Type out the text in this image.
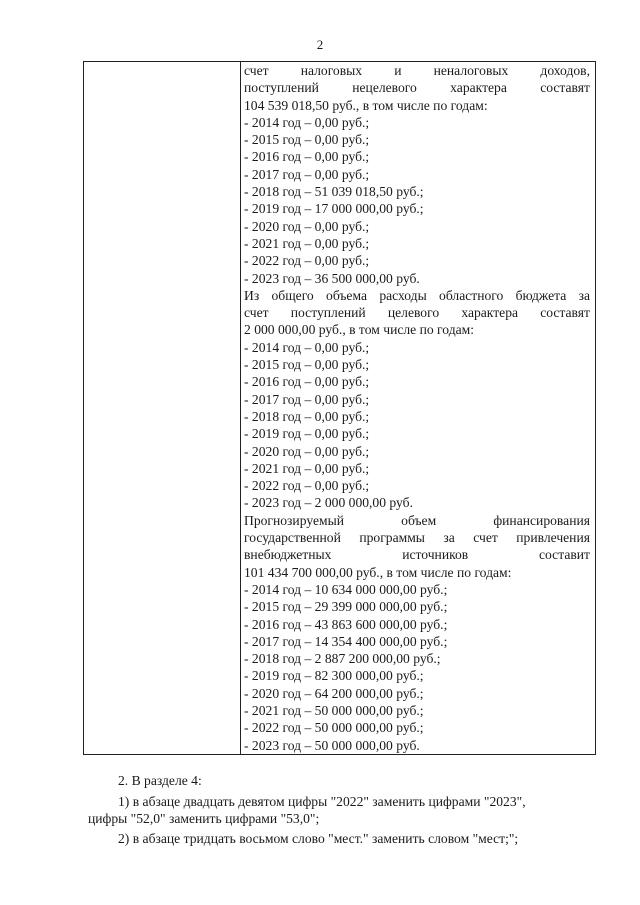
2
счет налоговых и неналоговых доходов,
поступлений нецелевого характера составят
104 539 018,50 руб., в том числе по годам:
- 2014 год – 0,00 руб.;
- 2015 год – 0,00 руб.;
- 2016 год – 0,00 руб.;
- 2017 год – 0,00 руб.;
- 2018 год – 51 039 018,50 руб.;
- 2019 год – 17 000 000,00 руб.;
- 2020 год – 0,00 руб.;
- 2021 год – 0,00 руб.;
- 2022 год – 0,00 руб.;
- 2023 год – 36 500 000,00 руб.
Из общего объема расходы областного бюджета за
счет поступлений целевого характера составят
2 000 000,00 руб., в том числе по годам:
- 2014 год – 0,00 руб.;
- 2015 год – 0,00 руб.;
- 2016 год – 0,00 руб.;
- 2017 год – 0,00 руб.;
- 2018 год – 0,00 руб.;
- 2019 год – 0,00 руб.;
- 2020 год – 0,00 руб.;
- 2021 год – 0,00 руб.;
- 2022 год – 0,00 руб.;
- 2023 год – 2 000 000,00 руб.
Прогнозируемый объем финансирования
государственной программы за счет привлечения
внебюджетных источников составит
101 434 700 000,00 руб., в том числе по годам:
- 2014 год – 10 634 000 000,00 руб.;
- 2015 год – 29 399 000 000,00 руб.;
- 2016 год – 43 863 600 000,00 руб.;
- 2017 год – 14 354 400 000,00 руб.;
- 2018 год – 2 887 200 000,00 руб.;
- 2019 год – 82 300 000,00 руб.;
- 2020 год – 64 200 000,00 руб.;
- 2021 год – 50 000 000,00 руб.;
- 2022 год – 50 000 000,00 руб.;
- 2023 год – 50 000 000,00 руб.
2. В разделе 4:
1) в абзаце двадцать девятом цифры "2022" заменить цифрами "2023",
цифры "52,0" заменить цифрами "53,0";
2) в абзаце тридцать восьмом слово "мест." заменить словом "мест;";
